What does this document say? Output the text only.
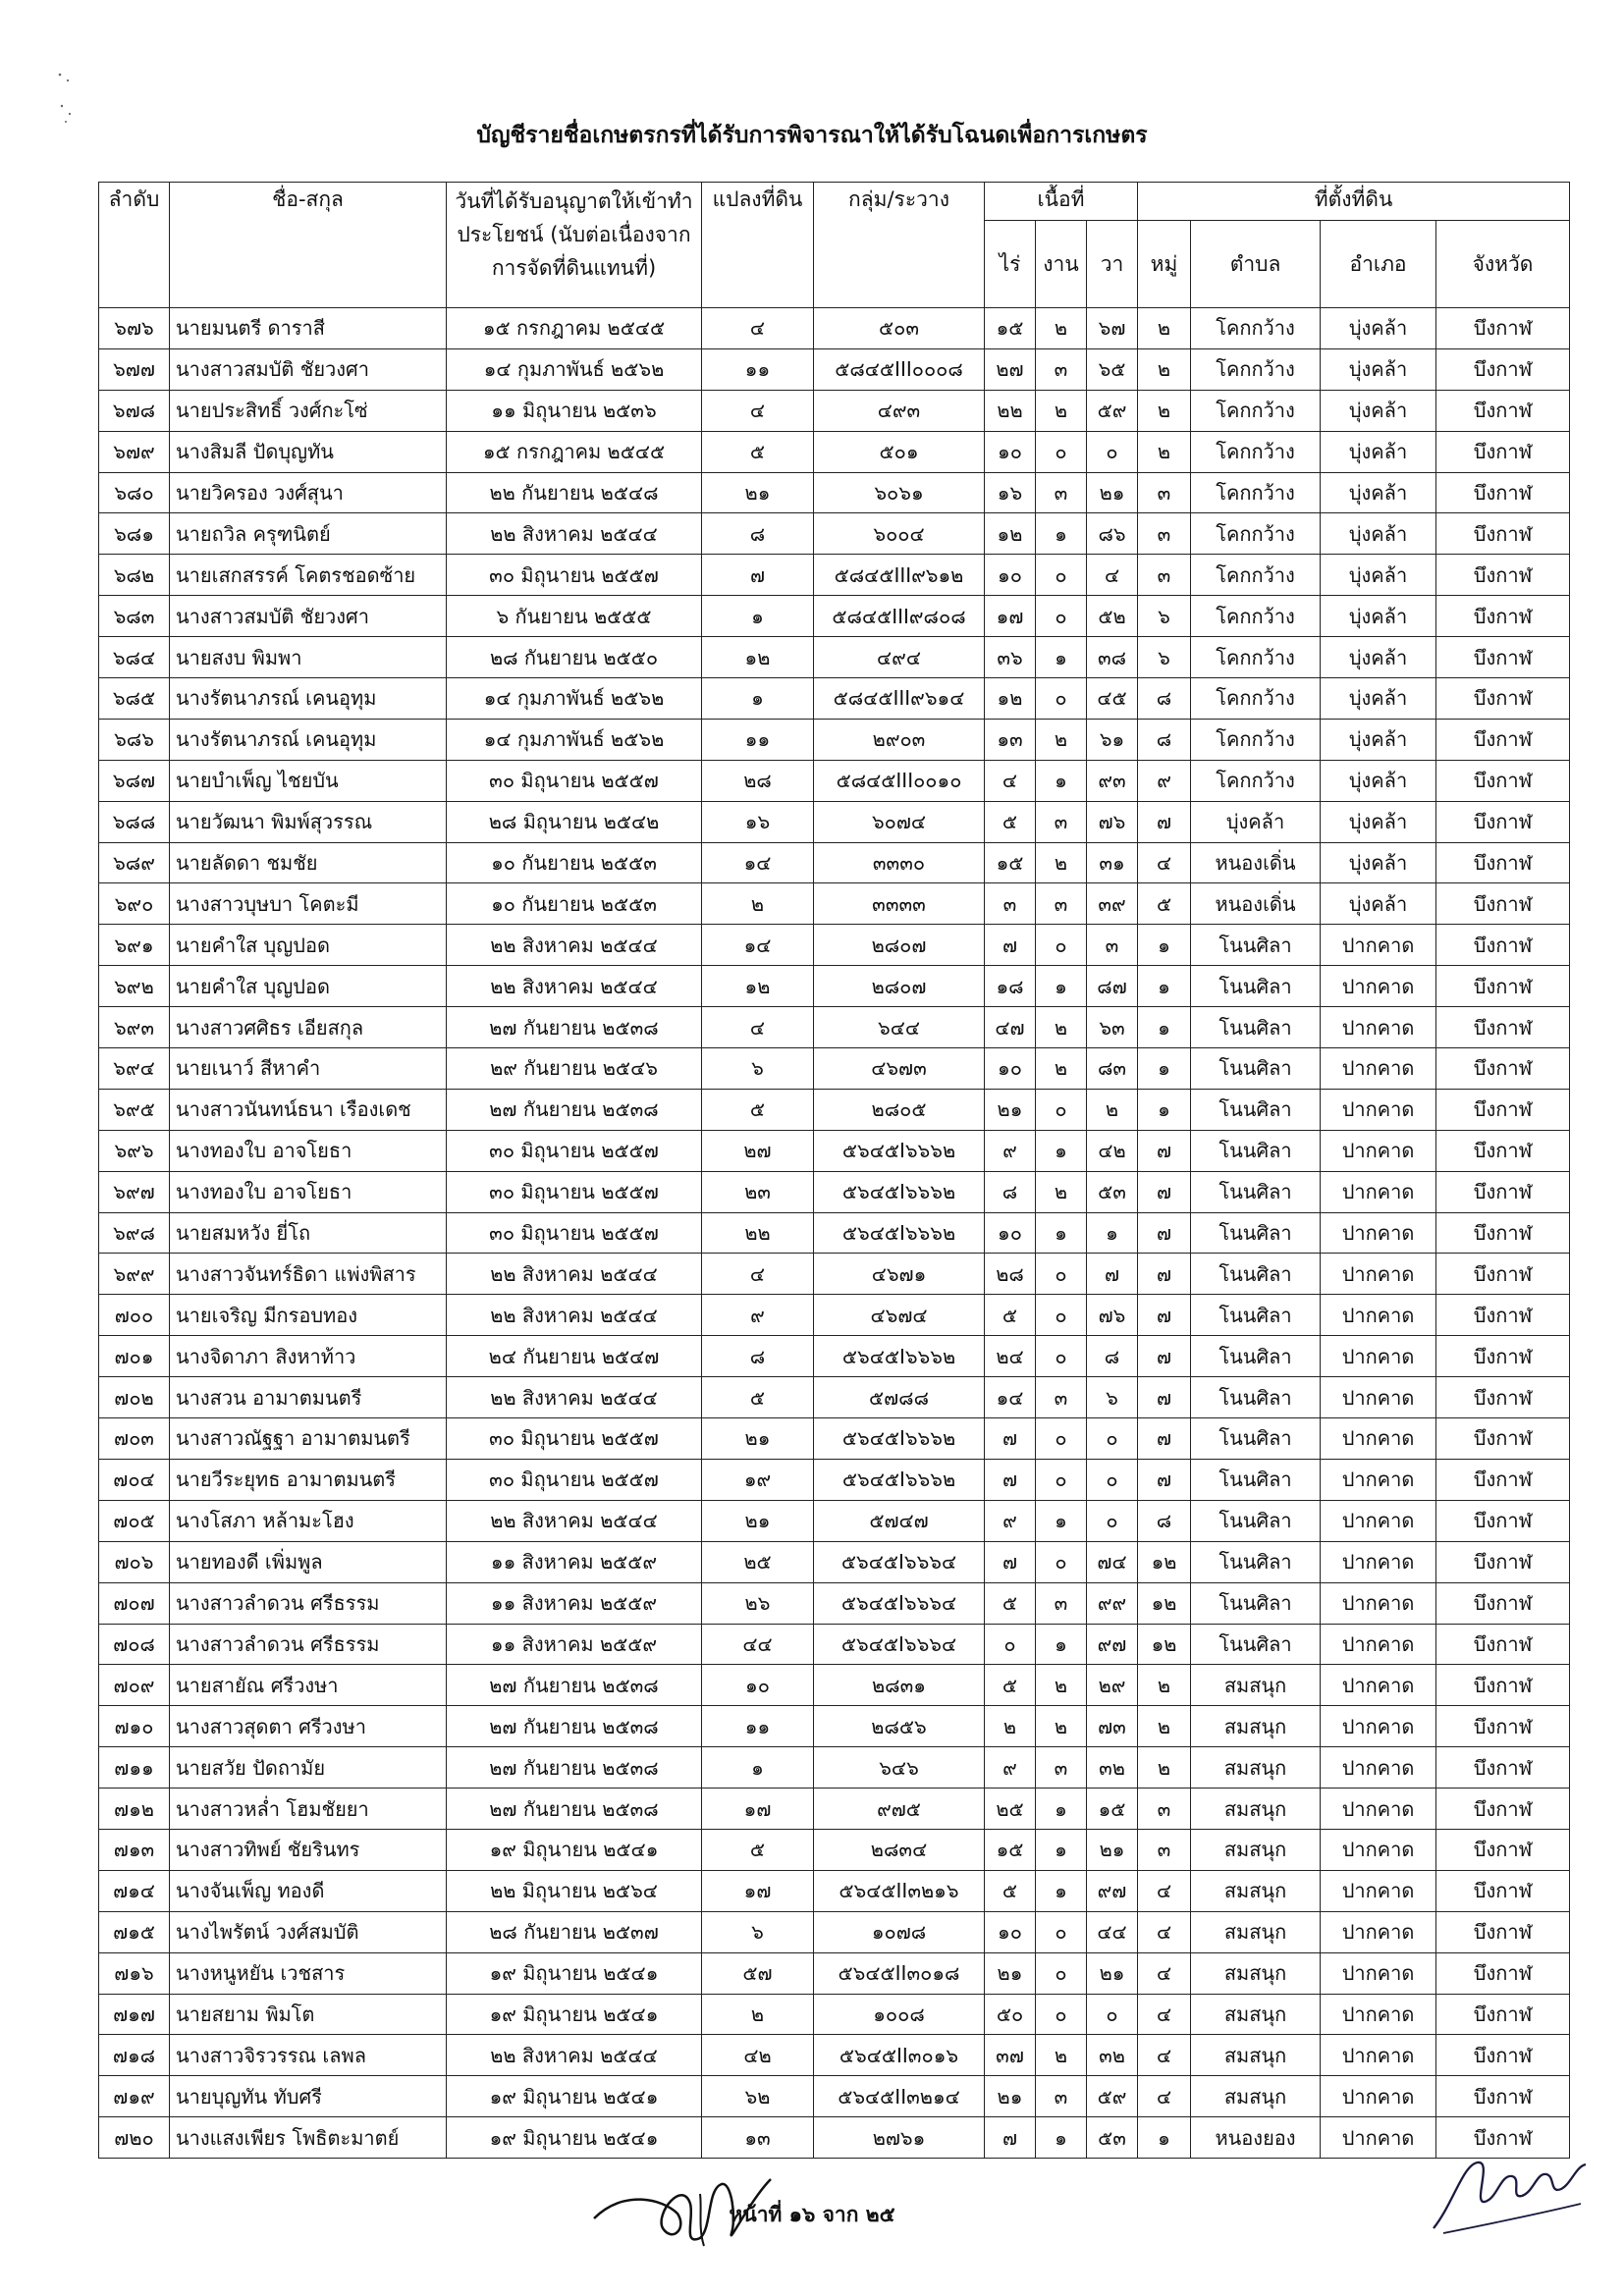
บัญชีรายชื่อเกษตรกรที่ได้รับการพิจารณาให้ได้รับโฉนดเพื่อการเกษตร
ลำดับ	ชื่อ-สกุล	วันที่ได้รับอนุญาตให้เข้าทำประโยชน์ (นับต่อเนื่องจากการจัดที่ดินแทนที่)	แปลงที่ดิน	กลุ่ม/ระวาง	เนื้อที่			ที่ตั้งที่ดิน			
					ไร่	งาน	วา	หมู่	ตำบล	อำเภอ	จังหวัด
๖๗๖	นายมนตรี ดาราสี	๑๕ กรกฎาคม ๒๕๔๕	๔	๕๐๓	๑๕	๒	๖๗	๒	โคกกว้าง	บุ่งคล้า	บึงกาฬ
๖๗๗	นางสาวสมบัติ ชัยวงศา	๑๔ กุมภาพันธ์ ๒๕๖๒	๑๑	๕๘๔๕III๐๐๐๘	๒๗	๓	๖๕	๒	โคกกว้าง	บุ่งคล้า	บึงกาฬ
๖๗๘	นายประสิทธิ์ วงศ์กะโซ่	๑๑ มิถุนายน ๒๕๓๖	๔	๔๙๓	๒๒	๒	๕๙	๒	โคกกว้าง	บุ่งคล้า	บึงกาฬ
๖๗๙	นางสิมลี ปัดบุญทัน	๑๕ กรกฎาคม ๒๕๔๕	๕	๕๐๑	๑๐	๐	๐	๒	โคกกว้าง	บุ่งคล้า	บึงกาฬ
๖๘๐	นายวิครอง วงศ์สุนา	๒๒ กันยายน ๒๕๔๘	๒๑	๖๐๖๑	๑๖	๓	๒๑	๓	โคกกว้าง	บุ่งคล้า	บึงกาฬ
๖๘๑	นายถวิล ครุฑนิตย์	๒๒ สิงหาคม ๒๕๔๔	๘	๖๐๐๔	๑๒	๑	๘๖	๓	โคกกว้าง	บุ่งคล้า	บึงกาฬ
๖๘๒	นายเสกสรรค์ โคตรชอดซ้าย	๓๐ มิถุนายน ๒๕๕๗	๗	๕๘๔๕III๙๖๑๒	๑๐	๐	๔	๓	โคกกว้าง	บุ่งคล้า	บึงกาฬ
๖๘๓	นางสาวสมบัติ ชัยวงศา	๖ กันยายน ๒๕๕๕	๑	๕๘๔๕III๙๘๐๘	๑๗	๐	๕๒	๖	โคกกว้าง	บุ่งคล้า	บึงกาฬ
๖๘๔	นายสงบ พิมพา	๒๘ กันยายน ๒๕๕๐	๑๒	๔๙๔	๓๖	๑	๓๘	๖	โคกกว้าง	บุ่งคล้า	บึงกาฬ
๖๘๕	นางรัตนาภรณ์ เคนอุทุม	๑๔ กุมภาพันธ์ ๒๕๖๒	๑	๕๘๔๕III๙๖๑๔	๑๒	๐	๔๕	๘	โคกกว้าง	บุ่งคล้า	บึงกาฬ
๖๘๖	นางรัตนาภรณ์ เคนอุทุม	๑๔ กุมภาพันธ์ ๒๕๖๒	๑๑	๒๙๐๓	๑๓	๒	๖๑	๘	โคกกว้าง	บุ่งคล้า	บึงกาฬ
๖๘๗	นายบำเพ็ญ ไชยบัน	๓๐ มิถุนายน ๒๕๕๗	๒๘	๕๘๔๕III๐๐๑๐	๔	๑	๙๓	๙	โคกกว้าง	บุ่งคล้า	บึงกาฬ
๖๘๘	นายวัฒนา พิมพ์สุวรรณ	๒๘ มิถุนายน ๒๕๔๒	๑๖	๖๐๗๔	๕	๓	๗๖	๗	บุ่งคล้า	บุ่งคล้า	บึงกาฬ
๖๘๙	นายลัดดา ชมชัย	๑๐ กันยายน ๒๕๕๓	๑๔	๓๓๓๐	๑๕	๒	๓๑	๔	หนองเดิ่น	บุ่งคล้า	บึงกาฬ
๖๙๐	นางสาวบุษบา โคตะมี	๑๐ กันยายน ๒๕๕๓	๒	๓๓๓๓	๓	๓	๓๙	๕	หนองเดิ่น	บุ่งคล้า	บึงกาฬ
๖๙๑	นายคำใส บุญปอด	๒๒ สิงหาคม ๒๕๔๔	๑๔	๒๘๐๗	๗	๐	๓	๑	โนนศิลา	ปากคาด	บึงกาฬ
๖๙๒	นายคำใส บุญปอด	๒๒ สิงหาคม ๒๕๔๔	๑๒	๒๘๐๗	๑๘	๑	๘๗	๑	โนนศิลา	ปากคาด	บึงกาฬ
๖๙๓	นางสาวศศิธร เอียสกุล	๒๗ กันยายน ๒๕๓๘	๔	๖๔๔	๔๗	๒	๖๓	๑	โนนศิลา	ปากคาด	บึงกาฬ
๖๙๔	นายเนาว์ สีหาคำ	๒๙ กันยายน ๒๕๔๖	๖	๔๖๗๓	๑๐	๒	๘๓	๑	โนนศิลา	ปากคาด	บึงกาฬ
๖๙๕	นางสาวนันทน์ธนา เรืองเดช	๒๗ กันยายน ๒๕๓๘	๕	๒๘๐๕	๒๑	๐	๒	๑	โนนศิลา	ปากคาด	บึงกาฬ
๖๙๖	นางทองใบ อาจโยธา	๓๐ มิถุนายน ๒๕๕๗	๒๗	๕๖๔๕I๖๖๖๒	๙	๑	๔๒	๗	โนนศิลา	ปากคาด	บึงกาฬ
๖๙๗	นางทองใบ อาจโยธา	๓๐ มิถุนายน ๒๕๕๗	๒๓	๕๖๔๕I๖๖๖๒	๘	๒	๕๓	๗	โนนศิลา	ปากคาด	บึงกาฬ
๖๙๘	นายสมหวัง ยี่โถ	๓๐ มิถุนายน ๒๕๕๗	๒๒	๕๖๔๕I๖๖๖๒	๑๐	๑	๑	๗	โนนศิลา	ปากคาด	บึงกาฬ
๖๙๙	นางสาวจันทร์ธิดา แพ่งพิสาร	๒๒ สิงหาคม ๒๕๔๔	๔	๔๖๗๑	๒๘	๐	๗	๗	โนนศิลา	ปากคาด	บึงกาฬ
๗๐๐	นายเจริญ มีกรอบทอง	๒๒ สิงหาคม ๒๕๔๔	๙	๔๖๗๔	๕	๐	๗๖	๗	โนนศิลา	ปากคาด	บึงกาฬ
๗๐๑	นางจิดาภา สิงหาท้าว	๒๔ กันยายน ๒๕๔๗	๘	๕๖๔๕I๖๖๖๒	๒๔	๐	๘	๗	โนนศิลา	ปากคาด	บึงกาฬ
๗๐๒	นางสวน อามาตมนตรี	๒๒ สิงหาคม ๒๕๔๔	๕	๕๗๘๘	๑๔	๓	๖	๗	โนนศิลา	ปากคาด	บึงกาฬ
๗๐๓	นางสาวณัฐฐา อามาตมนตรี	๓๐ มิถุนายน ๒๕๕๗	๒๑	๕๖๔๕I๖๖๖๒	๗	๐	๐	๗	โนนศิลา	ปากคาด	บึงกาฬ
๗๐๔	นายวีระยุทธ อามาตมนตรี	๓๐ มิถุนายน ๒๕๕๗	๑๙	๕๖๔๕I๖๖๖๒	๗	๐	๐	๗	โนนศิลา	ปากคาด	บึงกาฬ
๗๐๕	นางโสภา หล้ามะโฮง	๒๒ สิงหาคม ๒๕๔๔	๒๑	๕๗๔๗	๙	๑	๐	๘	โนนศิลา	ปากคาด	บึงกาฬ
๗๐๖	นายทองดี เพิ่มพูล	๑๑ สิงหาคม ๒๕๕๙	๒๕	๕๖๔๕I๖๖๖๔	๗	๐	๗๔	๑๒	โนนศิลา	ปากคาด	บึงกาฬ
๗๐๗	นางสาวลำดวน ศรีธรรม	๑๑ สิงหาคม ๒๕๕๙	๒๖	๕๖๔๕I๖๖๖๔	๕	๓	๙๙	๑๒	โนนศิลา	ปากคาด	บึงกาฬ
๗๐๘	นางสาวลำดวน ศรีธรรม	๑๑ สิงหาคม ๒๕๕๙	๔๔	๕๖๔๕I๖๖๖๔	๐	๑	๙๗	๑๒	โนนศิลา	ปากคาด	บึงกาฬ
๗๐๙	นายสายัณ ศรีวงษา	๒๗ กันยายน ๒๕๓๘	๑๐	๒๘๓๑	๕	๒	๒๙	๒	สมสนุก	ปากคาด	บึงกาฬ
๗๑๐	นางสาวสุดตา ศรีวงษา	๒๗ กันยายน ๒๕๓๘	๑๑	๒๘๕๖	๒	๒	๗๓	๒	สมสนุก	ปากคาด	บึงกาฬ
๗๑๑	นายสวัย ปัดถามัย	๒๗ กันยายน ๒๕๓๘	๑	๖๔๖	๙	๓	๓๒	๒	สมสนุก	ปากคาด	บึงกาฬ
๗๑๒	นางสาวหล่ำ โฮมชัยยา	๒๗ กันยายน ๒๕๓๘	๑๗	๙๗๕	๒๕	๑	๑๕	๓	สมสนุก	ปากคาด	บึงกาฬ
๗๑๓	นางสาวทิพย์ ชัยรินทร	๑๙ มิถุนายน ๒๕๔๑	๕	๒๘๓๔	๑๕	๑	๒๑	๓	สมสนุก	ปากคาด	บึงกาฬ
๗๑๔	นางจันเพ็ญ ทองดี	๒๒ มิถุนายน ๒๕๖๔	๑๗	๕๖๔๕II๓๒๑๖	๕	๑	๙๗	๔	สมสนุก	ปากคาด	บึงกาฬ
๗๑๕	นางไพรัตน์ วงศ์สมบัติ	๒๘ กันยายน ๒๕๓๗	๖	๑๐๗๘	๑๐	๐	๔๔	๔	สมสนุก	ปากคาด	บึงกาฬ
๗๑๖	นางหนูหยัน เวชสาร	๑๙ มิถุนายน ๒๕๔๑	๕๗	๕๖๔๕II๓๐๑๘	๒๑	๐	๒๑	๔	สมสนุก	ปากคาด	บึงกาฬ
๗๑๗	นายสยาม พิมโต	๑๙ มิถุนายน ๒๕๔๑	๒	๑๐๐๘	๕๐	๐	๐	๔	สมสนุก	ปากคาด	บึงกาฬ
๗๑๘	นางสาวจิรวรรณ เลพล	๒๒ สิงหาคม ๒๕๔๔	๔๒	๕๖๔๕II๓๐๑๖	๓๗	๒	๓๒	๔	สมสนุก	ปากคาด	บึงกาฬ
๗๑๙	นายบุญทัน ทับศรี	๑๙ มิถุนายน ๒๕๔๑	๖๒	๕๖๔๕II๓๒๑๔	๒๑	๓	๕๙	๔	สมสนุก	ปากคาด	บึงกาฬ
๗๒๐	นางแสงเพียร โพธิตะมาตย์	๑๙ มิถุนายน ๒๕๔๑	๑๓	๒๗๖๑	๗	๑	๕๓	๑	หนองยอง	ปากคาด	บึงกาฬ
หน้าที่ ๑๖ จาก ๒๕
